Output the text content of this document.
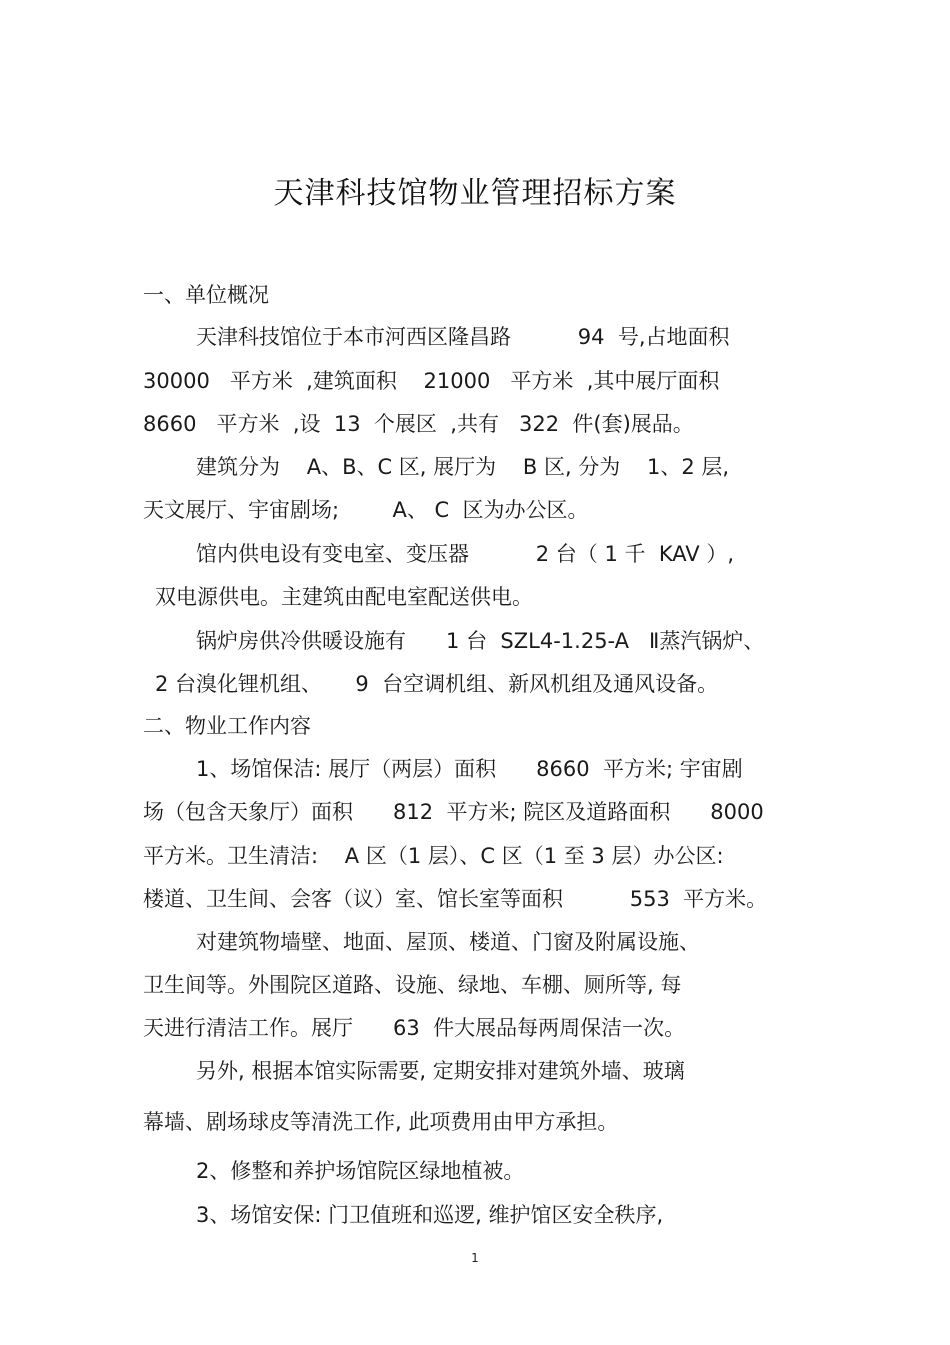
天津科技馆物业管理招标方案
一、单位概况
天津科技馆位于本市河西区隆昌路          94  号,占地面积
30000   平方米  ,建筑面积    21000   平方米  ,其中展厅面积
8660   平方米  ,设  13  个展区  ,共有   322  件(套)展品。
建筑分为    A、B、C 区, 展厅为    B 区, 分为    1、2 层,
天文展厅、宇宙剧场;        A、 C  区为办公区。
馆内供电设有变电室、变压器          2 台（ 1 千  KAV ）,
双电源供电。主建筑由配电室配送供电。
锅炉房供冷供暖设施有      1 台  SZL4-1.25-A   Ⅱ蒸汽锅炉、
2 台溴化锂机组、     9  台空调机组、新风机组及通风设备。
二、物业工作内容
1、场馆保洁: 展厅（两层）面积      8660  平方米; 宇宙剧
场（包含天象厅）面积      812  平方米; 院区及道路面积      8000
平方米。卫生清洁:    A 区（1 层）、C 区（1 至 3 层）办公区:
楼道、卫生间、会客（议）室、馆长室等面积          553  平方米。
对建筑物墙壁、地面、屋顶、楼道、门窗及附属设施、
卫生间等。外围院区道路、设施、绿地、车棚、厕所等, 每
天进行清洁工作。展厅      63  件大展品每两周保洁一次。
另外, 根据本馆实际需要, 定期安排对建筑外墙、玻璃
幕墙、剧场球皮等清洗工作, 此项费用由甲方承担。
2、修整和养护场馆院区绿地植被。
3、场馆安保: 门卫值班和巡逻, 维护馆区安全秩序,
1
